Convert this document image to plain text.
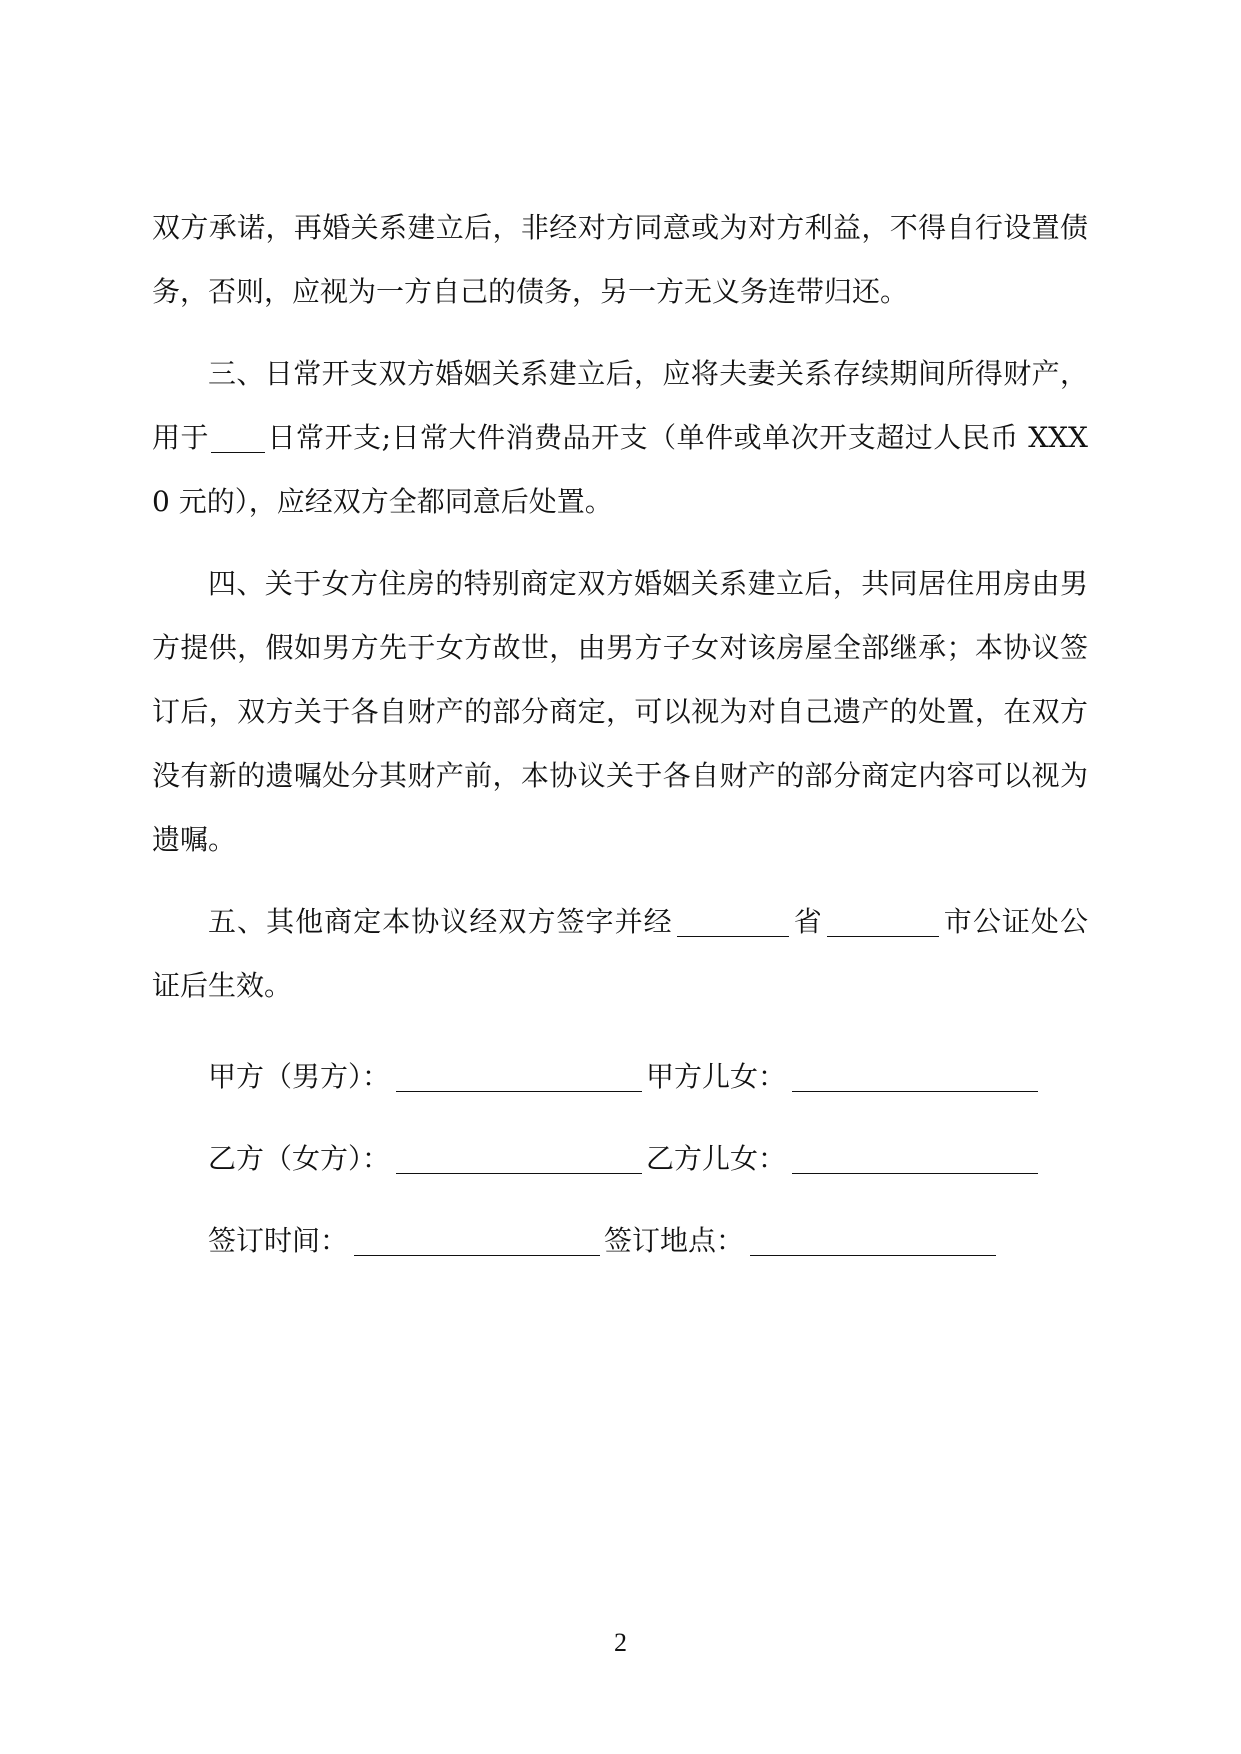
双方承诺，再婚关系建立后，非经对方同意或为对方利益，不得自行设置债务，否则，应视为一方自己的债务，另一方无义务连带归还。

三、日常开支双方婚姻关系建立后，应将夫妻关系存续期间所得财产，用于 日常开支;日常大件消费品开支（单件或单次开支超过人民币 XXX0 元的），应经双方全都同意后处置。

四、关于女方住房的特别商定双方婚姻关系建立后，共同居住用房由男方提供，假如男方先于女方故世，由男方子女对该房屋全部继承；本协议签订后，双方关于各自财产的部分商定，可以视为对自己遗产的处置，在双方没有新的遗嘱处分其财产前，本协议关于各自财产的部分商定内容可以视为遗嘱。

五、其他商定本协议经双方签字并经	省	市公证处公证后生效。

甲方（男方）：	甲方儿女：
乙方（女方）：	乙方儿女：
签订时间：	签订地点：
2
